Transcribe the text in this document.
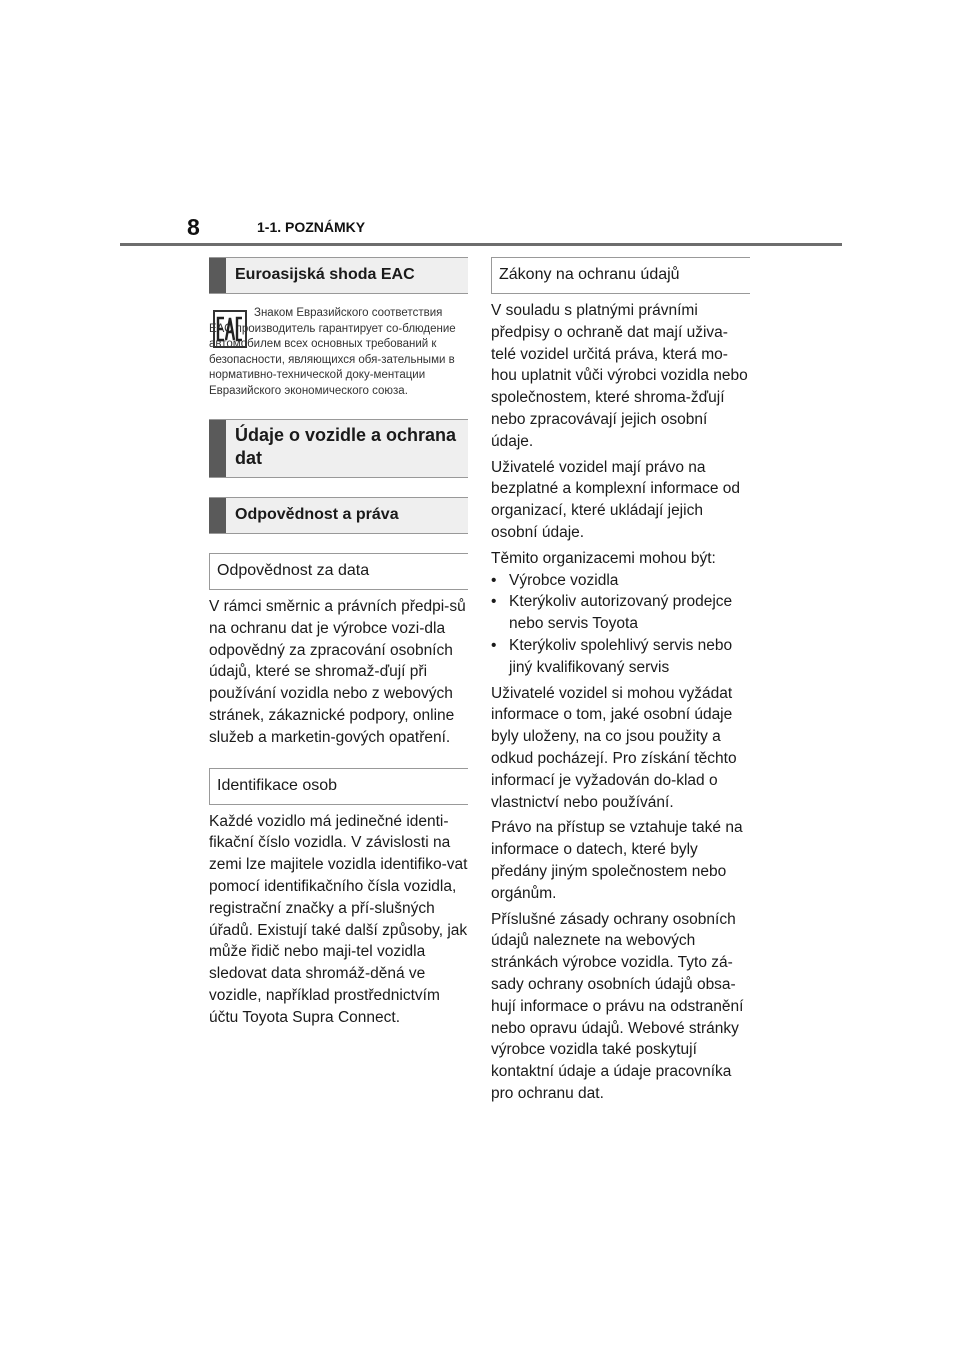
8	1-1. POZNÁMKY
Euroasijská shoda EAC

Знаком Евразийского соответствия ЕАС производитель гарантирует со-блюдение автомобилем всех основных требований к безопасности, являющихся обя-зательными в нормативно-технической доку-ментации Евразийского экономического союза.

Údaje o vozidle a ochrana dat
Odpovědnost a práva
Odpovědnost za data

V rámci směrnic a právních předpi-sů na ochranu dat je výrobce vozi-dla odpovědný za zpracování osobních údajů, které se shromaž-ďují při používání vozidla nebo z webových stránek, zákaznické podpory, online služeb a marketin-gových opatření.

Identifikace osob

Každé vozidlo má jedinečné identi-fikační číslo vozidla. V závislosti na zemi lze majitele vozidla identifiko-vat pomocí identifikačního čísla vozidla, registrační značky a pří-slušných úřadů. Existují také další způsoby, jak může řidič nebo maji-tel vozidla sledovat data shromáž-děná ve vozidle, například prostřednictvím účtu Toyota Supra Connect.

Zákony na ochranu údajů

V souladu s platnými právními předpisy o ochraně dat mají uživa-telé vozidel určitá práva, která mo-hou uplatnit vůči výrobci vozidla nebo společnostem, které shroma-žďují nebo zpracovávají jejich osobní údaje.

Uživatelé vozidel mají právo na bezplatné a komplexní informace od organizací, které ukládají jejich osobní údaje.

Těmito organizacemi mohou být:

• Výrobce vozidla
• Kterýkoliv autorizovaný prodejce nebo servis Toyota
• Kterýkoliv spolehlivý servis nebo jiný kvalifikovaný servis

Uživatelé vozidel si mohou vyžádat informace o tom, jaké osobní údaje byly uloženy, na co jsou použity a odkud pocházejí. Pro získání těchto informací je vyžadován do-klad o vlastnictví nebo používání.

Právo na přístup se vztahuje také na informace o datech, které byly předány jiným společnostem nebo orgánům.

Příslušné zásady ochrany osobních údajů naleznete na webových stránkách výrobce vozidla. Tyto zá-sady ochrany osobních údajů obsa-hují informace o právu na odstranění nebo opravu údajů. Webové stránky výrobce vozidla také poskytují kontaktní údaje a údaje pracovníka pro ochranu dat.
